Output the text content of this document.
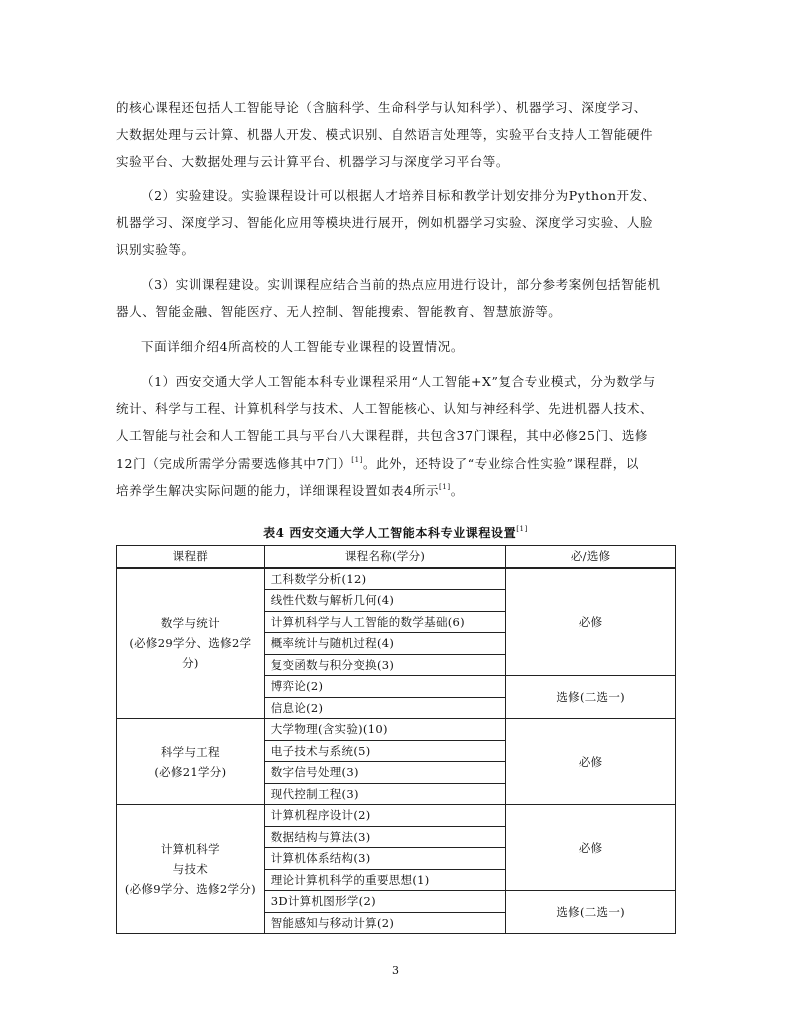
的核心课程还包括人工智能导论（含脑科学、生命科学与认知科学）、机器学习、深度学习、

大数据处理与云计算、机器人开发、模式识别、自然语言处理等，实验平台支持人工智能硬件

实验平台、大数据处理与云计算平台、机器学习与深度学习平台等。

（2）实验建设。实验课程设计可以根据人才培养目标和教学计划安排分为Python开发、

机器学习、深度学习、智能化应用等模块进行展开，例如机器学习实验、深度学习实验、人脸

识别实验等。

（3）实训课程建设。实训课程应结合当前的热点应用进行设计，部分参考案例包括智能机

器人、智能金融、智能医疗、无人控制、智能搜索、智能教育、智慧旅游等。

下面详细介绍4所高校的人工智能专业课程的设置情况。

（1）西安交通大学人工智能本科专业课程采用“人工智能+X”复合专业模式，分为数学与

统计、科学与工程、计算机科学与技术、人工智能核心、认知与神经科学、先进机器人技术、

人工智能与社会和人工智能工具与平台八大课程群，共包含37门课程，其中必修25门、选修

12门（完成所需学分需要选修其中7门）[1]。此外，还特设了“专业综合性实验”课程群，以

培养学生解决实际问题的能力，详细课程设置如表4所示[1]。

表4 西安交通大学人工智能本科专业课程设置[1]
课程群	课程名称(学分)	必/选修

数学与统计
(必修29学分、选修2学
分)	工科数学分析(12)	必修
	线性代数与解析几何(4)	
	计算机科学与人工智能的数学基础(6)	
	概率统计与随机过程(4)	
	复变函数与积分变换(3)	
	博弈论(2)	选修(二选一)
	信息论(2)	

科学与工程
(必修21学分)	大学物理(含实验)(10)	必修
	电子技术与系统(5)	
	数字信号处理(3)	
	现代控制工程(3)	

计算机科学
与技术
(必修9学分、选修2学分)	计算机程序设计(2)	必修
	数据结构与算法(3)	
	计算机体系结构(3)	
	理论计算机科学的重要思想(1)	
	3D计算机图形学(2)	选修(二选一)
	智能感知与移动计算(2)	
3
